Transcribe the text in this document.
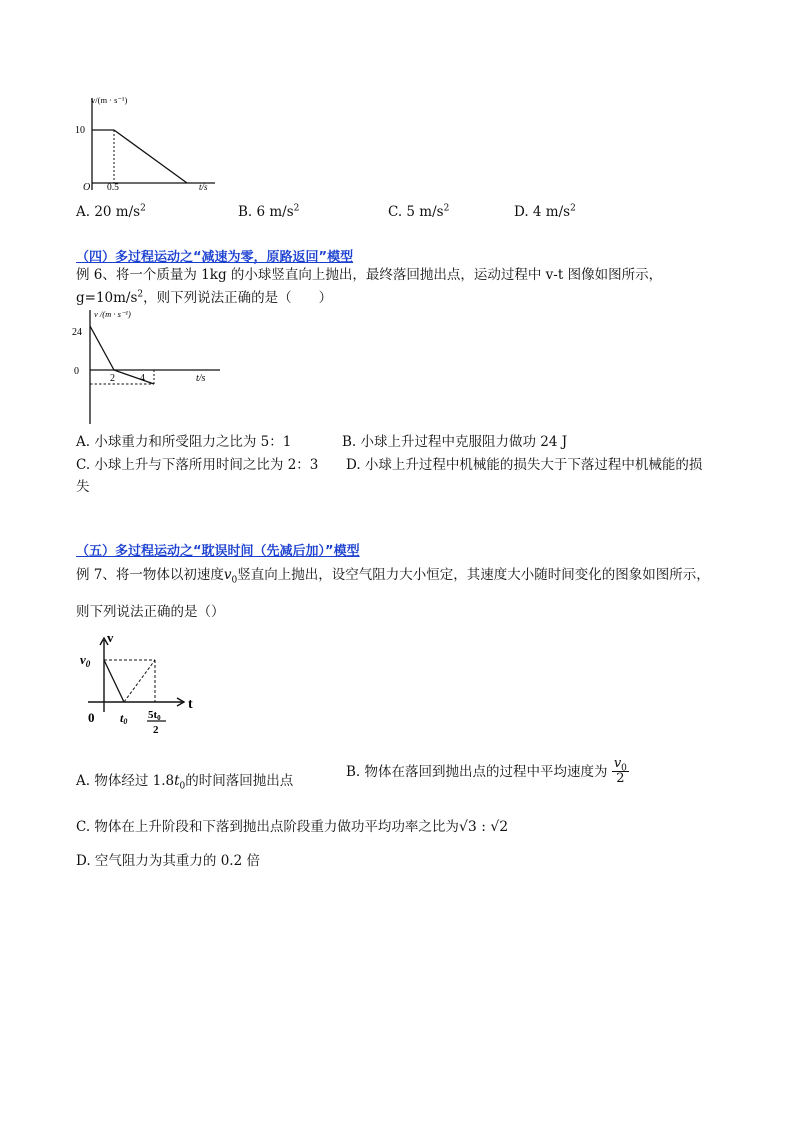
v/(m · s⁻¹)
10
O 0.5	t/s
A. 20 $m/s^2$	B. 6 $m/s^2$	C. 5 $m/s^2$	D. 4 $m/s^2$
（四）多过程运动之“减速为零，原路返回”模型
例 6、将一个质量为 1kg 的小球竖直向上抛出，最终落回抛出点，运动过程中 v-t 图像如图所示，
$g=10m/s^2$，则下列说法正确的是（　　）
v /(m · s⁻¹)
24
0
2	4	t/s
A. 小球重力和所受阻力之比为 5：1	B. 小球上升过程中克服阻力做功 24 J
C. 小球上升与下落所用时间之比为 2：3 D. 小球上升过程中机械能的损失大于下落过程中机械能的损
失
（五）多过程运动之“耽误时间（先减后加）”模型
例 7、将一物体以初速度$v_0$竖直向上抛出，设空气阻力大小恒定，其速度大小随时间变化的图象如图所示，
则下列说法正确的是（）
v
$v_0$
0 t0
5t0
2
t
A. 物体经过 $1.8t_0$的时间落回抛出点
B. 物体在落回到抛出点的过程中平均速度为 $\frac{v_0}{2}$
C. 物体在上升阶段和下落到抛出点阶段重力做功平均功率之比为√3 : √2
D. 空气阻力为其重力的 0.2 倍
